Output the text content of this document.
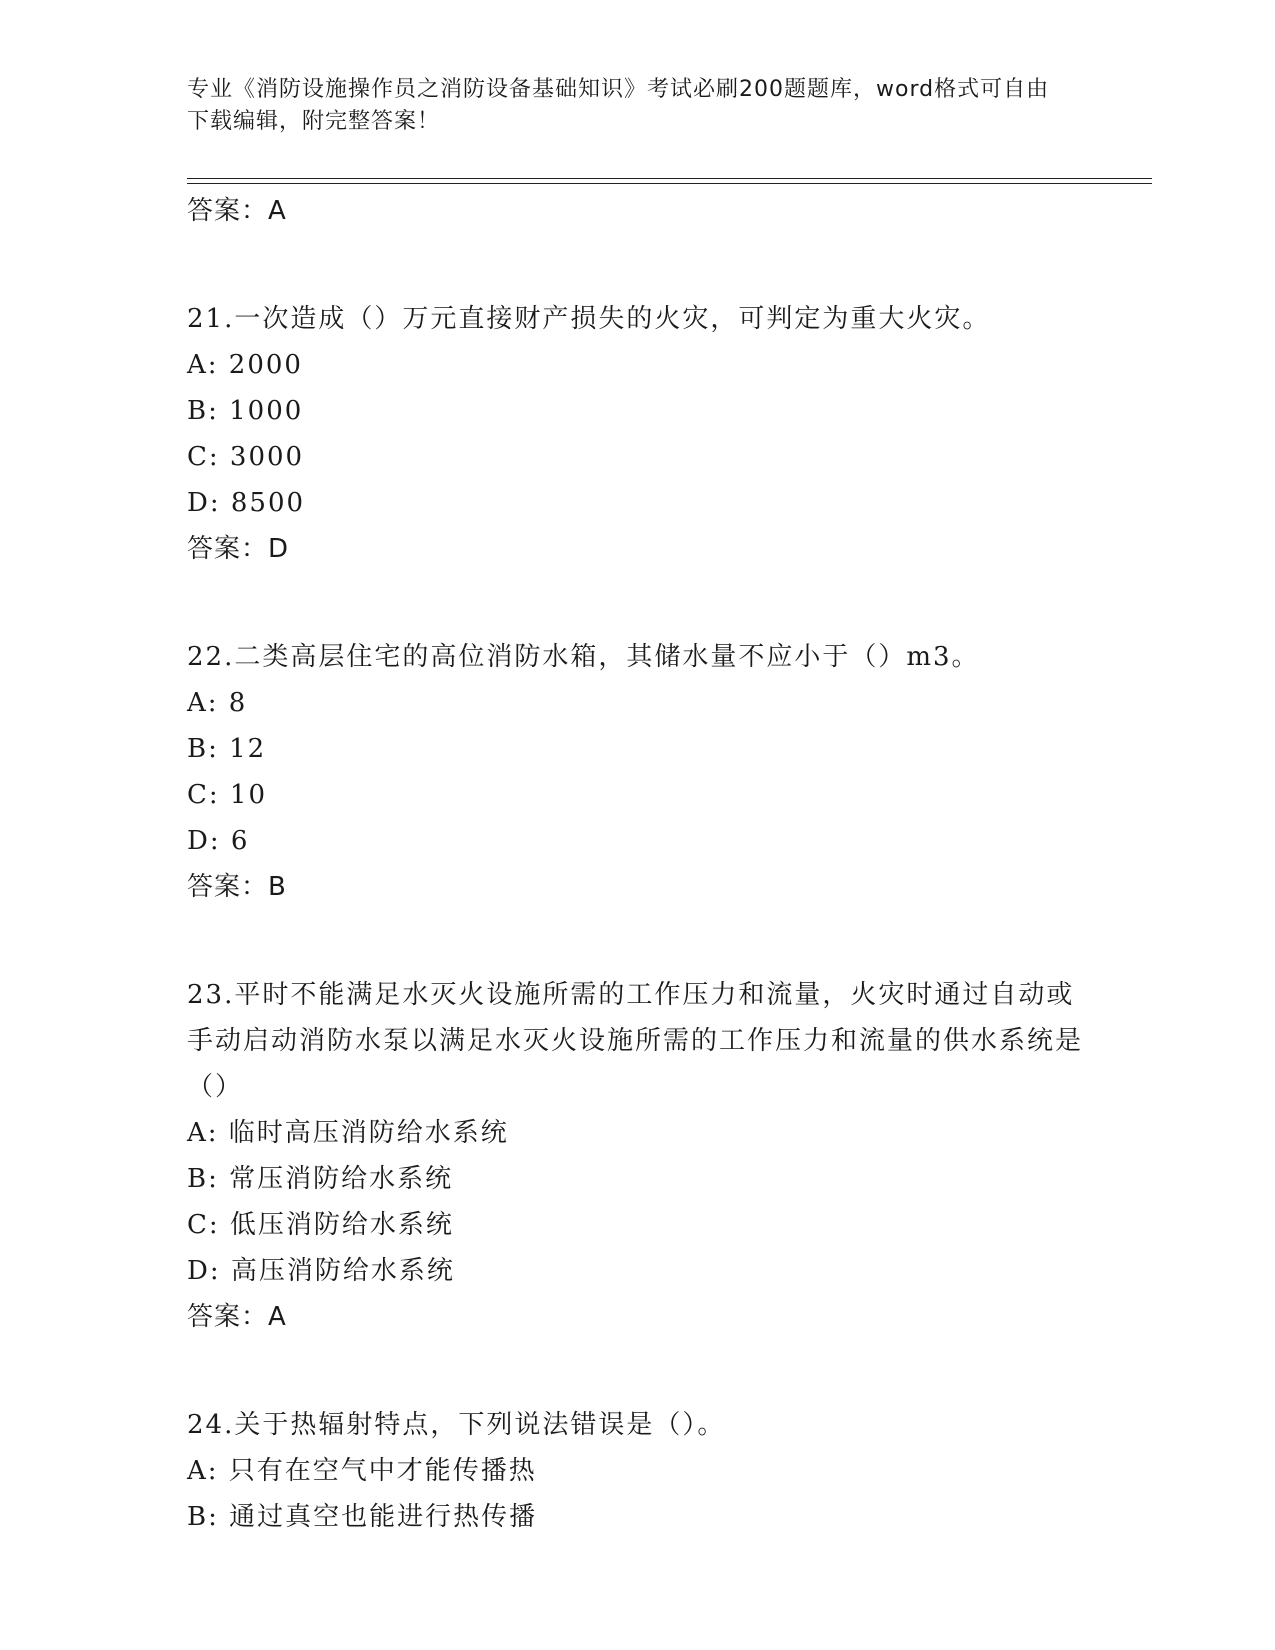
专业《消防设施操作员之消防设备基础知识》考试必刷200题题库，word格式可自由下载编辑，附完整答案！
答案：A
21.一次造成（）万元直接财产损失的火灾，可判定为重大火灾。
A: 2000
B: 1000
C: 3000
D: 8500
答案：D
22.二类高层住宅的高位消防水箱，其储水量不应小于（）m3。
A: 8
B: 12
C: 10
D: 6
答案：B
23.平时不能满足水灭火设施所需的工作压力和流量，火灾时通过自动或手动启动消防水泵以满足水灭火设施所需的工作压力和流量的供水系统是（）
A: 临时高压消防给水系统
B: 常压消防给水系统
C: 低压消防给水系统
D: 高压消防给水系统
答案：A
24.关于热辐射特点，下列说法错误是（）。
A: 只有在空气中才能传播热
B: 通过真空也能进行热传播
